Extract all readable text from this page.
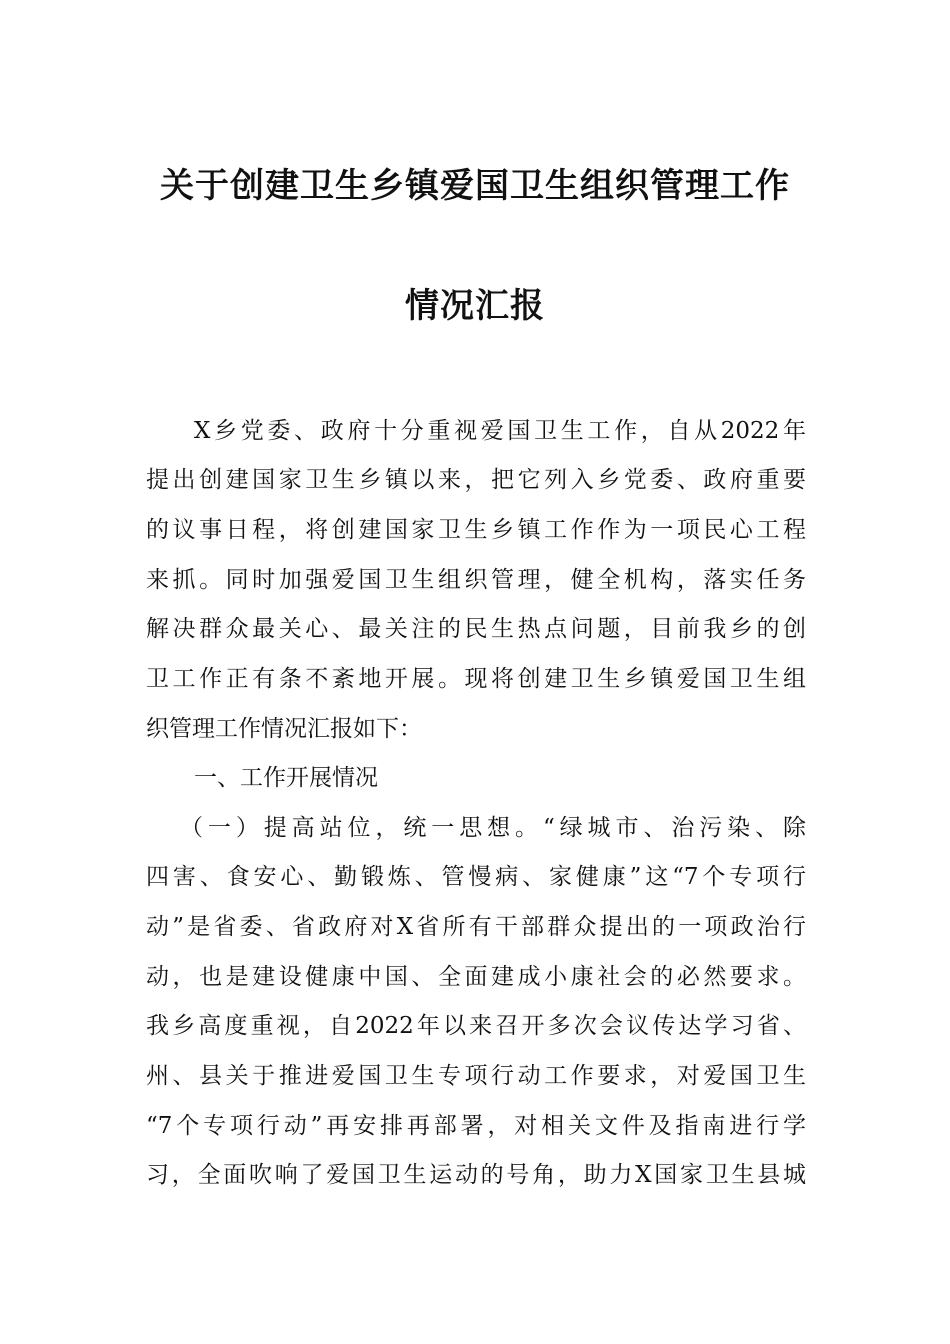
关于创建卫生乡镇爱国卫生组织管理工作
情况汇报
X乡党委、政府十分重视爱国卫生工作，自从2022年
提出创建国家卫生乡镇以来，把它列入乡党委、政府重要
的议事日程，将创建国家卫生乡镇工作作为一项民心工程
来抓。同时加强爱国卫生组织管理，健全机构，落实任务
解决群众最关心、最关注的民生热点问题，目前我乡的创
卫工作正有条不紊地开展。现将创建卫生乡镇爱国卫生组
织管理工作情况汇报如下：
一、工作开展情况
（一）提高站位，统一思想。“绿城市、治污染、除
四害、食安心、勤锻炼、管慢病、家健康”这“7个专项行
动”是省委、省政府对X省所有干部群众提出的一项政治行
动，也是建设健康中国、全面建成小康社会的必然要求。
我乡高度重视，自2022年以来召开多次会议传达学习省、
州、县关于推进爱国卫生专项行动工作要求，对爱国卫生
“7个专项行动”再安排再部署，对相关文件及指南进行学
习，全面吹响了爱国卫生运动的号角，助力X国家卫生县城
